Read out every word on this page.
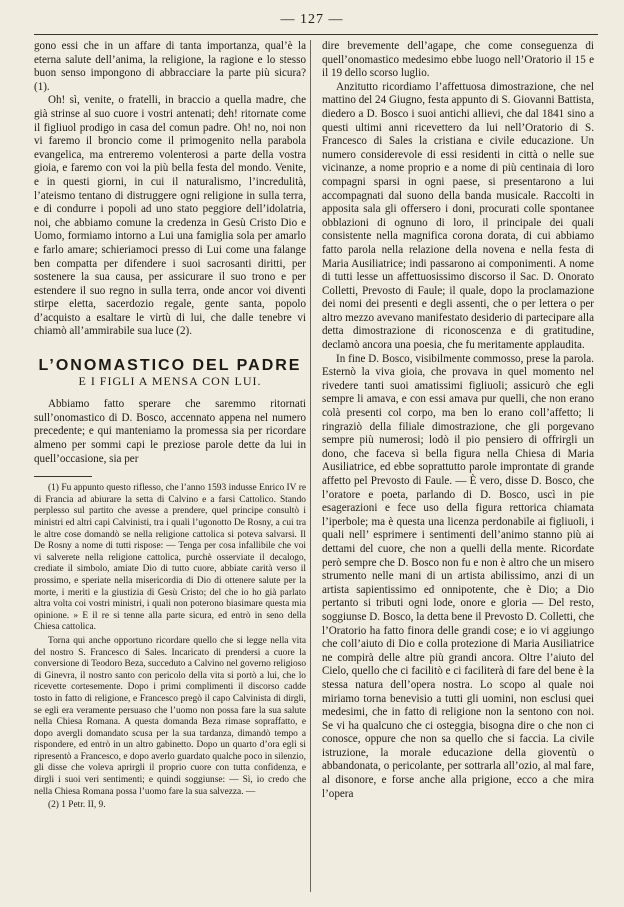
— 127 —

gono essi che in un affare di tanta importanza, qual’è la eterna salute dell’anima, la religione, la ragione e lo stesso buon senso impongono di abbracciare la parte più sicura? (1).

Oh! sì, venite, o fratelli, in braccio a quella madre, che già strinse al suo cuore i vostri antenati; deh! ritornate come il figliuol prodigo in casa del comun padre. Oh! no, noi non vi faremo il broncio come il primogenito nella parabola evangelica, ma entreremo volenterosi a parte della vostra gioia, e faremo con voi la più bella festa del mondo. Venite, e in questi giorni, in cui il naturalismo, l’incredulità, l’ateismo tentano di distruggere ogni religione in sulla terra, e di condurre i popoli ad uno stato peggiore dell’idolatria, noi, che abbiamo comune la credenza in Gesù Cristo Dio e Uomo, formiamo intorno a Lui una famiglia sola per amarlo e farlo amare; schieriamoci presso di Lui come una falange ben compatta per difendere i suoi sacrosanti diritti, per sostenere la sua causa, per assicurare il suo trono e per estendere il suo regno in sulla terra, onde ancor voi diventi stirpe eletta, sacerdozio regale, gente santa, popolo d’acquisto a esaltare le virtù di lui, che dalle tenebre vi chiamò all’ammirabile sua luce (2).

L’ONOMASTICO DEL PADRE
E I FIGLI A MENSA CON LUI.

Abbiamo fatto sperare che saremmo ritornati sull’onomastico di D. Bosco, accennato appena nel numero precedente; e qui manteniamo la promessa sia per ricordare almeno per sommi capi le preziose parole dette da lui in quell’occasione, sia per

(1) Fu appunto questo riflesso, che l’anno 1593 indusse Enrico IV re di Francia ad abiurare la setta di Calvino e a farsi Cattolico. Stando perplesso sul partito che avesse a prendere, quel principe consultò i ministri ed altri capi Calvinisti, tra i quali l’ugonotto De Rosny, a cui tra le altre cose domandò se nella religione cattolica si poteva salvarsi. Il De Rosny a nome di tutti rispose: — Tenga per cosa infallibile che voi vi salverete nella religione cattolica, purchè osserviate il decalogo, crediate il simbolo, amiate Dio di tutto cuore, abbiate carità verso il prossimo, e speriate nella misericordia di Dio di ottenere salute per la morte, i meriti e la giustizia di Gesù Cristo; del che io ho già parlato altra volta coi vostri ministri, i quali non poterono biasimare questa mia opinione. » E il re si tenne alla parte sicura, ed entrò in seno della Chiesa cattolica.

Torna qui anche opportuno ricordare quello che si legge nella vita del nostro S. Francesco di Sales. Incaricato di prendersi a cuore la conversione di Teodoro Beza, succeduto a Calvino nel governo religioso di Ginevra, il nostro santo con pericolo della vita si portò a lui, che lo ricevette cortesemente. Dopo i primi complimenti il discorso cadde tosto in fatto di religione, e Francesco pregò il capo Calvinista di dirgli, se egli era veramente persuaso che l’uomo non possa fare la sua salute nella Chiesa Romana. A questa domanda Beza rimase sopraffatto, e dopo avergli domandato scusa per la sua tardanza, dimandò tempo a rispondere, ed entrò in un altro gabinetto. Dopo un quarto d’ora egli si ripresentò a Francesco, e dopo averlo guardato qualche poco in silenzio, gli disse che voleva aprirgli il proprio cuore con tutta confidenza, e dirgli i suoi veri sentimenti; e quindi soggiunse: — Sì, io credo che nella Chiesa Romana possa l’uomo fare la sua salvezza. —

(2) 1 Petr. II, 9.

dire brevemente dell’agape, che come conseguenza di quell’onomastico medesimo ebbe luogo nell’Oratorio il 15 e il 19 dello scorso luglio.

Anzitutto ricordiamo l’affettuosa dimostrazione, che nel mattino del 24 Giugno, festa appunto di S. Giovanni Battista, diedero a D. Bosco i suoi antichi allievi, che dal 1841 sino a questi ultimi anni ricevettero da lui nell’Oratorio di S. Francesco di Sales la cristiana e civile educazione. Un numero considerevole di essi residenti in città o nelle sue vicinanze, a nome proprio e a nome di più centinaia di loro compagni sparsi in ogni paese, si presentarono a lui accompagnati dal suono della banda musicale. Raccolti in apposita sala gli offersero i doni, procurati colle spontanee obblazioni di ognuno di loro, il principale dei quali consistente nella magnifica corona dorata, di cui abbiamo fatto parola nella relazione della novena e nella festa di Maria Ausiliatrice; indi passarono ai componimenti. A nome di tutti lesse un affettuosissimo discorso il Sac. D. Onorato Colletti, Prevosto di Faule; il quale, dopo la proclamazione dei nomi dei presenti e degli assenti, che o per lettera o per altro mezzo avevano manifestato desiderio di partecipare alla detta dimostrazione di riconoscenza e di gratitudine, declamò ancora una poesia, che fu meritamente applaudita.

In fine D. Bosco, visibilmente commosso, prese la parola. Esternò la viva gioia, che provava in quel momento nel rivedere tanti suoi amatissimi figliuoli; assicurò che egli sempre li amava, e con essi amava pur quelli, che non erano colà presenti col corpo, ma ben lo erano coll’affetto; li ringraziò della filiale dimostrazione, che gli porgevano sempre più numerosi; lodò il pio pensiero di offrirgli un dono, che faceva sì bella figura nella Chiesa di Maria Ausiliatrice, ed ebbe soprattutto parole improntate di grande affetto pel Prevosto di Faule. — È vero, disse D. Bosco, che l’oratore e poeta, parlando di D. Bosco, uscì in pie esagerazioni e fece uso della figura rettorica chiamata l’iperbole; ma è questa una licenza perdonabile ai figliuoli, i quali nell’ esprimere i sentimenti dell’animo stanno più ai dettami del cuore, che non a quelli della mente. Ricordate però sempre che D. Bosco non fu e non è altro che un misero strumento nelle mani di un artista abilissimo, anzi di un artista sapientissimo ed onnipotente, che è Dio; a Dio pertanto si tributi ogni lode, onore e gloria — Del resto, soggiunse D. Bosco, la detta bene il Prevosto D. Colletti, che l’Oratorio ha fatto finora delle grandi cose; e io vi aggiungo che coll’aiuto di Dio e colla protezione di Maria Ausiliatrice ne compirà delle altre più grandi ancora. Oltre l’aiuto del Cielo, quello che ci facilitò e ci faciliterà di fare del bene è la stessa natura dell’opera nostra. Lo scopo al quale noi miriamo torna benevisio a tutti gli uomini, non esclusi quei medesimi, che in fatto di religione non la sentono con noi. Se vi ha qualcuno che ci osteggia, bisogna dire o che non ci conosce, oppure che non sa quello che si faccia. La civile istruzione, la morale educazione della gioventù o abbandonata, o pericolante, per sottrarla all’ozio, al mal fare, al disonore, e forse anche alla prigione, ecco a che mira l’opera
